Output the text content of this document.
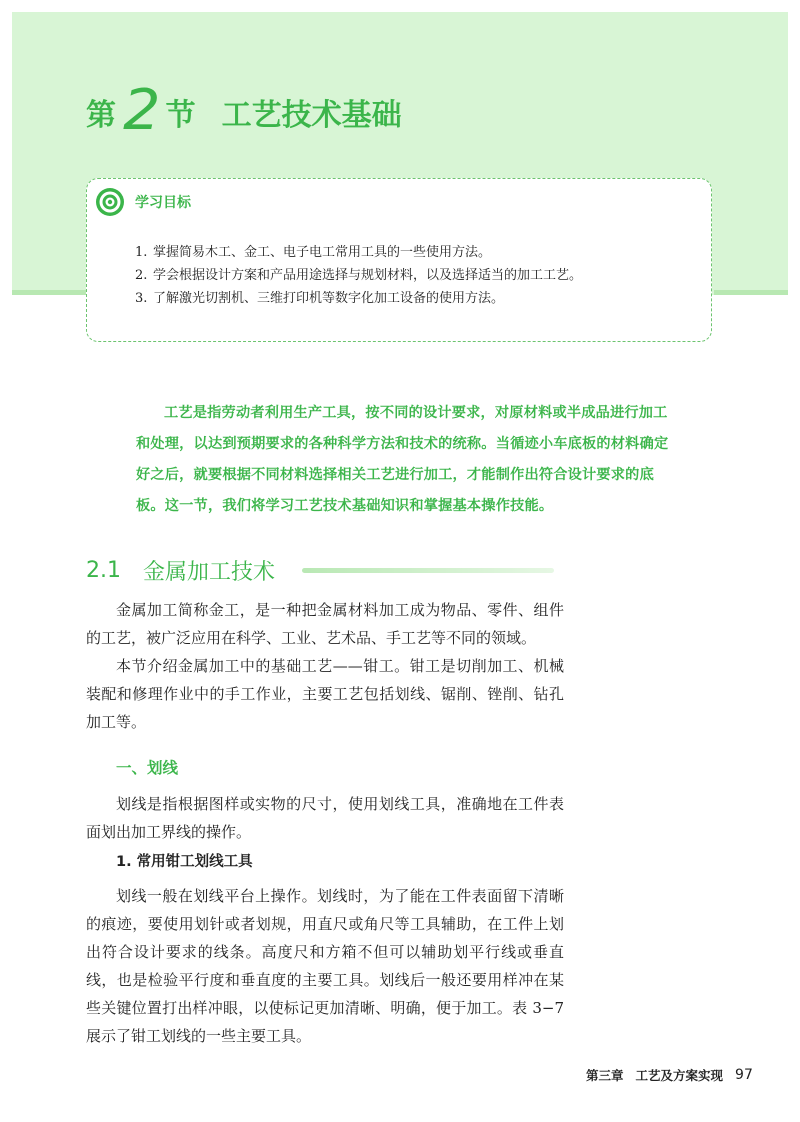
第 2 节 工艺技术基础
学习目标
1. 掌握简易木工、金工、电子电工常用工具的一些使用方法。
2. 学会根据设计方案和产品用途选择与规划材料，以及选择适当的加工工艺。
3. 了解激光切割机、三维打印机等数字化加工设备的使用方法。
工艺是指劳动者利用生产工具，按不同的设计要求，对原材料或半成品进行加工和处理，以达到预期要求的各种科学方法和技术的统称。当循迹小车底板的材料确定好之后，就要根据不同材料选择相关工艺进行加工，才能制作出符合设计要求的底板。这一节，我们将学习工艺技术基础知识和掌握基本操作技能。
2.1 金属加工技术
金属加工简称金工，是一种把金属材料加工成为物品、零件、组件的工艺，被广泛应用在科学、工业、艺术品、手工艺等不同的领域。
本节介绍金属加工中的基础工艺——钳工。钳工是切削加工、机械装配和修理作业中的手工作业，主要工艺包括划线、锯削、锉削、钻孔加工等。
一、划线
划线是指根据图样或实物的尺寸，使用划线工具，准确地在工件表面划出加工界线的操作。
1. 常用钳工划线工具
划线一般在划线平台上操作。划线时，为了能在工件表面留下清晰的痕迹，要使用划针或者划规，用直尺或角尺等工具辅助，在工件上划出符合设计要求的线条。高度尺和方箱不但可以辅助划平行线或垂直线，也是检验平行度和垂直度的主要工具。划线后一般还要用样冲在某些关键位置打出样冲眼，以使标记更加清晰、明确，便于加工。表 3−7 展示了钳工划线的一些主要工具。
第三章 工艺及方案实现 97
